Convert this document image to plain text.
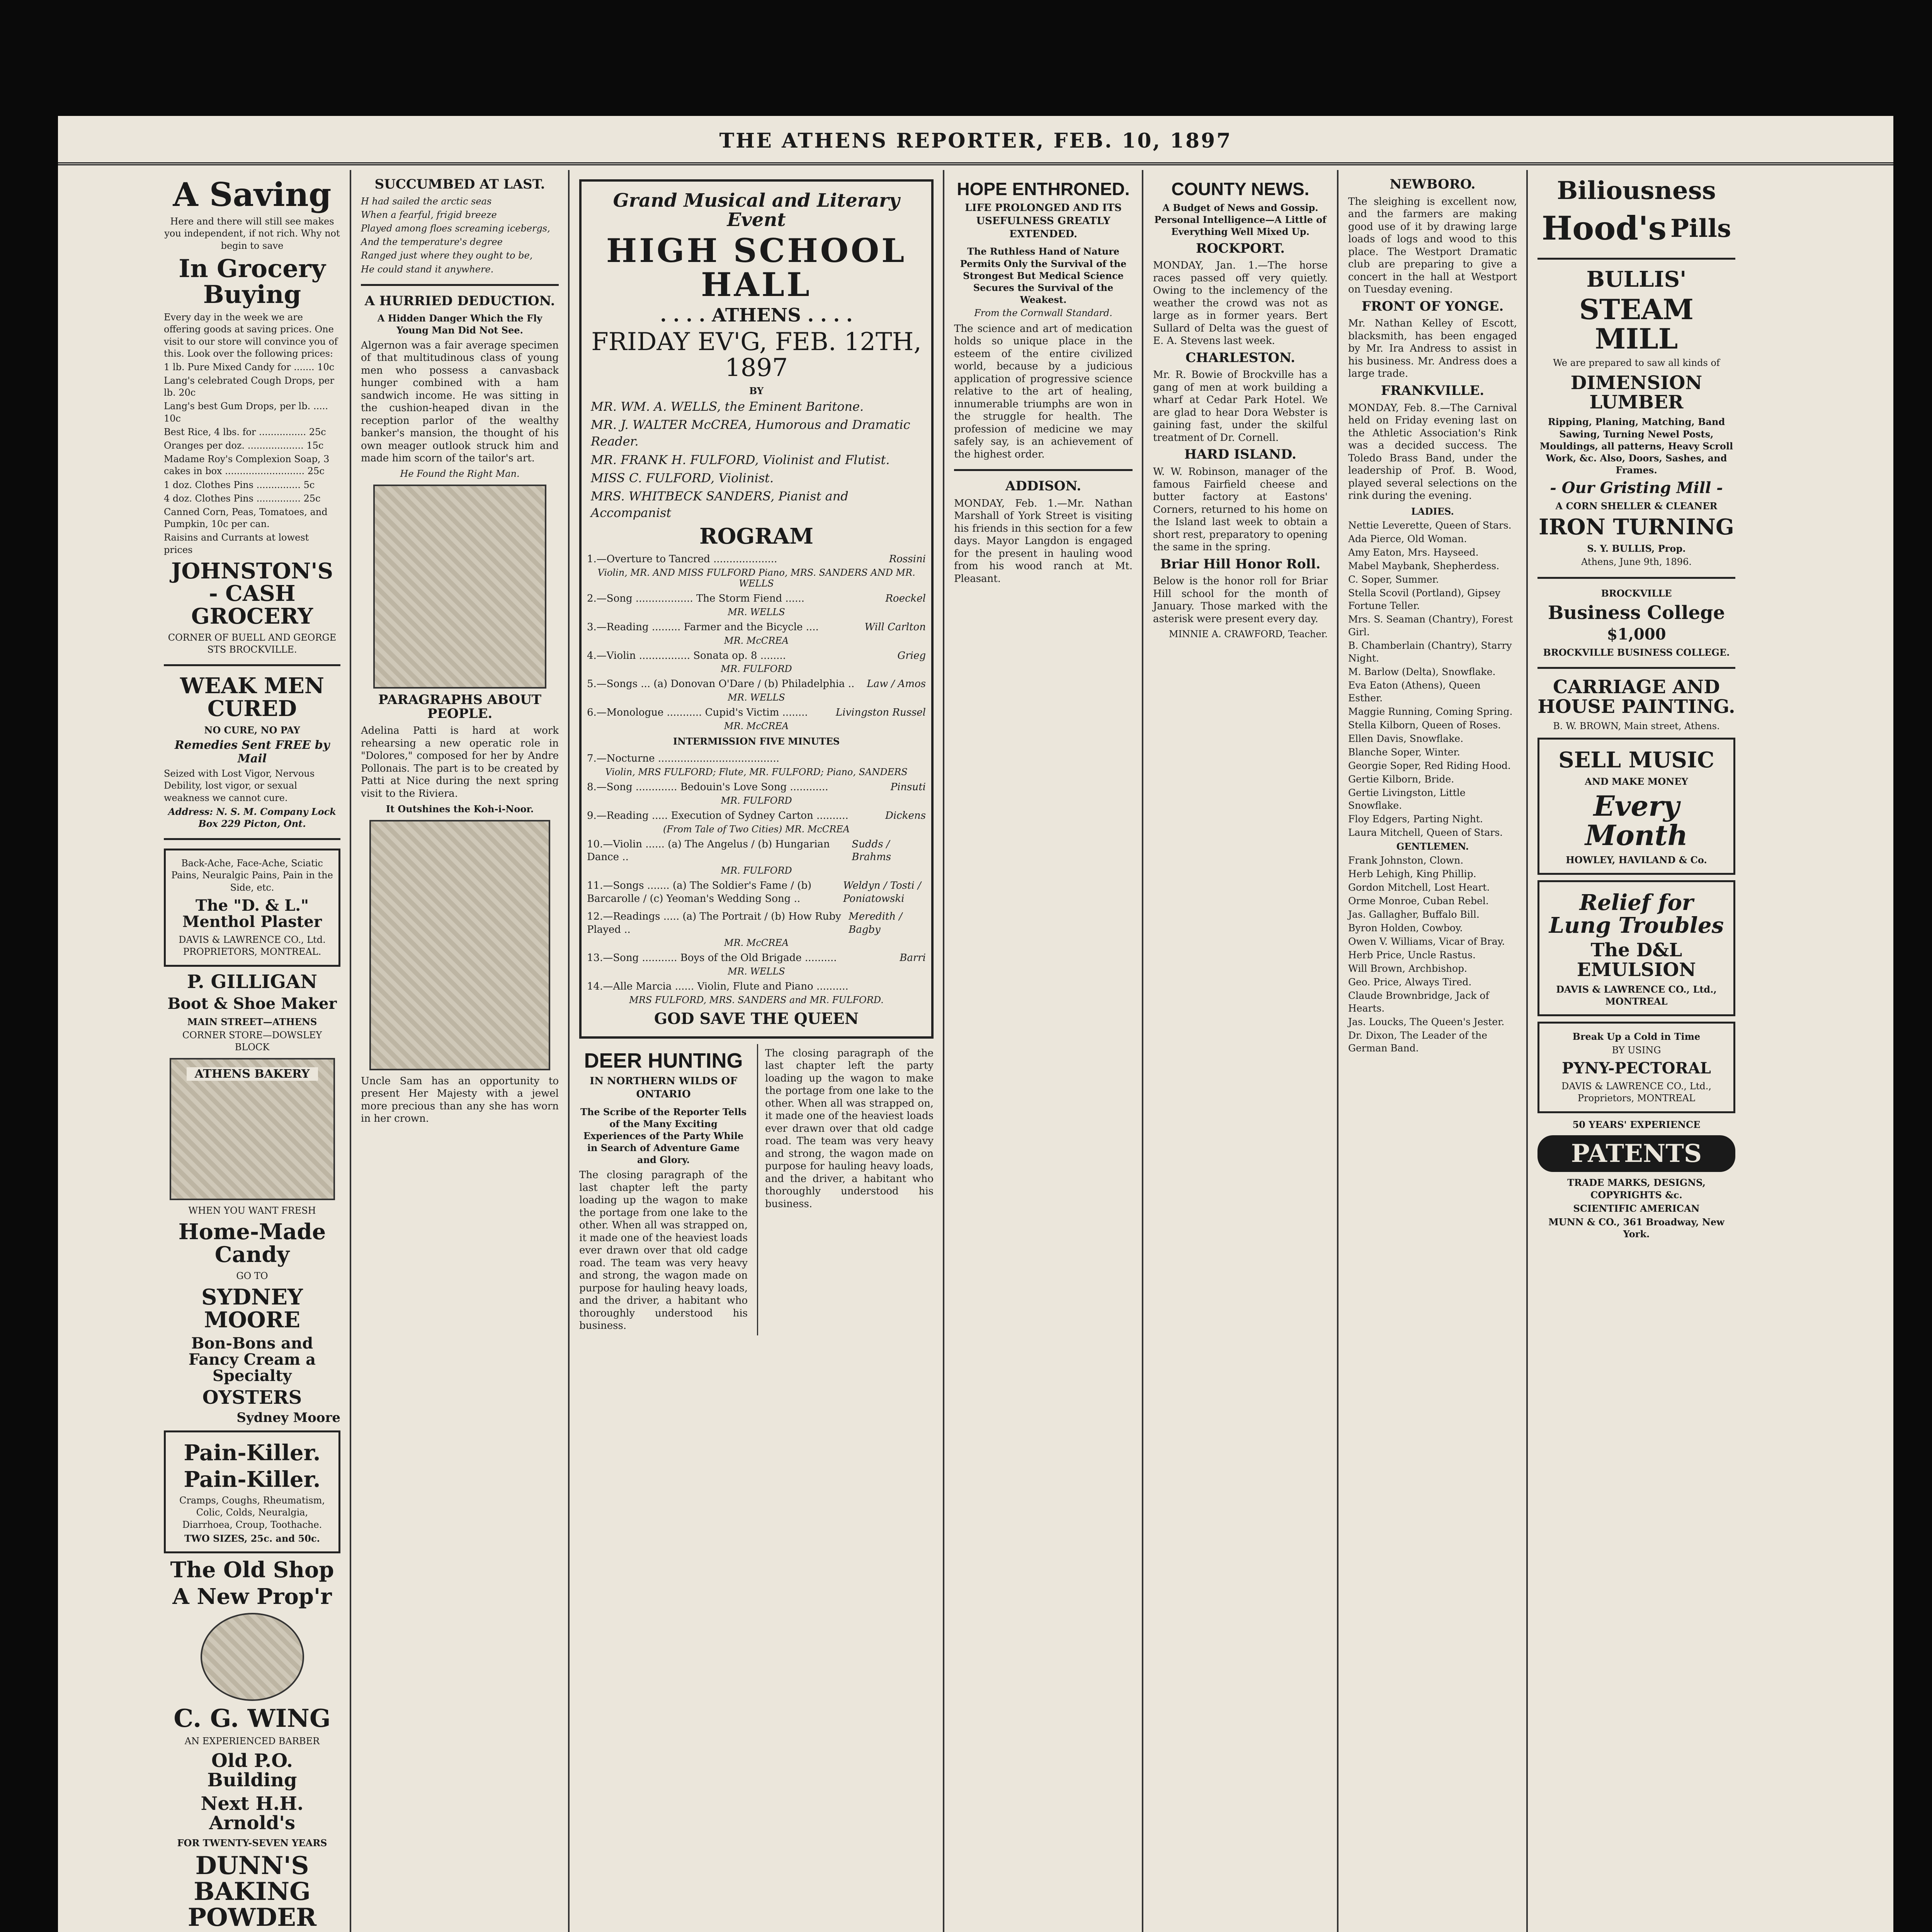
THE ATHENS REPORTER, FEB. 10, 1897
A Saving
Here and there will still see makes you independent, if not rich. Why not begin to save
In Grocery Buying
Every day in the week we are offering goods at saving prices. One visit to our store will convince you of this. Look over the following prices:
1 lb. Pure Mixed Candy for ....... 10c
Lang's celebrated Cough Drops, per lb. 20c
Lang's best Gum Drops, per lb. ..... 10c
Best Rice, 4 lbs. for ................ 25c
Oranges per doz. ................... 15c
Madame Roy's Complexion Soap, 3 cakes in box ........................... 25c
1 doz. Clothes Pins ............... 5c
4 doz. Clothes Pins ............... 25c
Canned Corn, Peas, Tomatoes, and Pumpkin, 10c per can.
Raisins and Currants at lowest prices
JOHNSTON'S - CASH GROCERY
CORNER OF BUELL AND GEORGE STS BROCKVILLE.
WEAK MEN CURED
NO CURE, NO PAY
Remedies Sent FREE by Mail
Seized with Lost Vigor, Nervous Debility, lost vigor, or sexual weakness we cannot cure.
Address: N. S. M. Company Lock Box 229 Picton, Ont.
Back-Ache, Face-Ache, Sciatic Pains, Neuralgic Pains, Pain in the Side, etc.
The "D. & L." Menthol Plaster
DAVIS & LAWRENCE CO., Ltd. PROPRIETORS, MONTREAL.
P. GILLIGAN
Boot & Shoe Maker
MAIN STREET—ATHENS
CORNER STORE—DOWSLEY BLOCK
ATHENS BAKERY
WHEN YOU WANT FRESH
Home-Made Candy
GO TO
SYDNEY MOORE
Bon-Bons and Fancy Cream a Specialty
OYSTERS
Sydney Moore
Pain-Killer.
Pain-Killer.
Cramps, Coughs, Rheumatism, Colic, Colds, Neuralgia, Diarrhoea, Croup, Toothache.
TWO SIZES, 25c. and 50c.
The Old Shop
A New Prop'r
C. G. WING
AN EXPERIENCED BARBER
Old P.O. Building
Next H.H. Arnold's
FOR TWENTY-SEVEN YEARS
DUNN'S BAKING POWDER
SUCCUMBED AT LAST.
H had sailed the arctic seas
When a fearful, frigid breeze
Played among floes screaming icebergs,
And the temperature's degree
Ranged just where they ought to be,
He could stand it anywhere.
A HURRIED DEDUCTION.
A Hidden Danger Which the Fly Young Man Did Not See.
Algernon was a fair average specimen of that multitudinous class of young men who possess a canvasback hunger combined with a ham sandwich income. He was sitting in the cushion-heaped divan in the reception parlor of the wealthy banker's mansion, the thought of his own meager outlook struck him and made him scorn of the tailor's art.
He Found the Right Man.
PARAGRAPHS ABOUT PEOPLE.
Adelina Patti is hard at work rehearsing a new operatic role in "Dolores," composed for her by Andre Pollonais. The part is to be created by Patti at Nice during the next spring visit to the Riviera.
It Outshines the Koh-i-Noor.
Uncle Sam has an opportunity to present Her Majesty with a jewel more precious than any she has worn in her crown.
Grand Musical and Literary Event
HIGH SCHOOL HALL
. . . . ATHENS . . . .
FRIDAY EV'G, FEB. 12TH, 1897
BY
MR. WM. A. WELLS, the Eminent Baritone.
MR. J. WALTER McCREA, Humorous and Dramatic Reader.
MR. FRANK H. FULFORD, Violinist and Flutist.
MISS C. FULFORD, Violinist.
MRS. WHITBECK SANDERS, Pianist and Accompanist
ROGRAM
1.—Overture to Tancred ....................	Rossini
Violin, MR. AND MISS FULFORD Piano, MRS. SANDERS AND MR. WELLS
2.—Song .................. The Storm Fiend ......	Roeckel
MR. WELLS
3.—Reading ......... Farmer and the Bicycle ....	Will Carlton
MR. McCREA
4.—Violin ................ Sonata op. 8 ........	Grieg
MR. FULFORD
5.—Songs ... (a) Donovan O'Dare / (b) Philadelphia .. Law / Amos
MR. WELLS
6.—Monologue ........... Cupid's Victim ........	Livingston Russel
MR. McCREA
INTERMISSION FIVE MINUTES
7.—Nocturne ......................................
Violin, MRS FULFORD; Flute, MR. FULFORD; Piano, SANDERS
8.—Song ............. Bedouin's Love Song ............	Pinsuti
MR. FULFORD
9.—Reading ..... Execution of Sydney Carton ..........	Dickens
(From Tale of Two Cities) MR. McCREA
10.—Violin ...... (a) The Angelus / (b) Hungarian Dance ..
Sudds / Brahms
MR. FULFORD
11.—Songs ....... (a) The Soldier's Fame / (b) Barcarolle / (c) Yeoman's Wedding Song ..
Weldyn / Tosti / Poniatowski
12.—Readings ..... (a) The Portrait / (b) How Ruby Played ..
Meredith / Bagby
MR. McCREA
13.—Song ........... Boys of the Old Brigade ..........	Barri
MR. WELLS
14.—Alle Marcia ...... Violin, Flute and Piano ..........
MRS FULFORD, MRS. SANDERS and MR. FULFORD.
GOD SAVE THE QUEEN
DEER HUNTING
IN NORTHERN WILDS OF ONTARIO
The Scribe of the Reporter Tells of the Many Exciting Experiences of the Party While in Search of Adventure Game and Glory.
The closing paragraph of the last chapter left the party loading up the wagon to make the portage from one lake to the other. When all was strapped on, it made one of the heaviest loads ever drawn over that old cadge road. The team was very heavy and strong, the wagon made on purpose for hauling heavy loads, and the driver, a habitant who thoroughly understood his business.
The closing paragraph of the last chapter left the party loading up the wagon to make the portage from one lake to the other. When all was strapped on, it made one of the heaviest loads ever drawn over that old cadge road. The team was very heavy and strong, the wagon made on purpose for hauling heavy loads, and the driver, a habitant who thoroughly understood his business.
HOPE ENTHRONED.
LIFE PROLONGED AND ITS USEFULNESS GREATLY EXTENDED.
The Ruthless Hand of Nature Permits Only the Survival of the Strongest But Medical Science Secures the Survival of the Weakest.
From the Cornwall Standard.
The science and art of medication holds so unique place in the esteem of the entire civilized world, because by a judicious application of progressive science relative to the art of healing, innumerable triumphs are won in the struggle for health. The profession of medicine we may safely say, is an achievement of the highest order.
ADDISON.
MONDAY, Feb. 1.—Mr. Nathan Marshall of York Street is visiting his friends in this section for a few days. Mayor Langdon is engaged for the present in hauling wood from his wood ranch at Mt. Pleasant.
COUNTY NEWS.
A Budget of News and Gossip. Personal Intelligence—A Little of Everything Well Mixed Up.
ROCKPORT.
MONDAY, Jan. 1.—The horse races passed off very quietly. Owing to the inclemency of the weather the crowd was not as large as in former years. Bert Sullard of Delta was the guest of E. A. Stevens last week.
CHARLESTON.
Mr. R. Bowie of Brockville has a gang of men at work building a wharf at Cedar Park Hotel. We are glad to hear Dora Webster is gaining fast, under the skilful treatment of Dr. Cornell.
HARD ISLAND.
W. W. Robinson, manager of the famous Fairfield cheese and butter factory at Eastons' Corners, returned to his home on the Island last week to obtain a short rest, preparatory to opening the same in the spring.
Briar Hill Honor Roll.
Below is the honor roll for Briar Hill school for the month of January. Those marked with the asterisk were present every day.
MINNIE A. CRAWFORD, Teacher.
NEWBORO.
The sleighing is excellent now, and the farmers are making good use of it by drawing large loads of logs and wood to this place. The Westport Dramatic club are preparing to give a concert in the hall at Westport on Tuesday evening.
FRONT OF YONGE.
Mr. Nathan Kelley of Escott, blacksmith, has been engaged by Mr. Ira Andress to assist in his business. Mr. Andress does a large trade.
FRANKVILLE.
MONDAY, Feb. 8.—The Carnival held on Friday evening last on the Athletic Association's Rink was a decided success. The Toledo Brass Band, under the leadership of Prof. B. Wood, played several selections on the rink during the evening.
LADIES.
Nettie Leverette, Queen of Stars.
Ada Pierce, Old Woman.
Amy Eaton, Mrs. Hayseed.
Mabel Maybank, Shepherdess.
C. Soper, Summer.
Stella Scovil (Portland), Gipsey Fortune Teller.
Mrs. S. Seaman (Chantry), Forest Girl.
B. Chamberlain (Chantry), Starry Night.
M. Barlow (Delta), Snowflake.
Eva Eaton (Athens), Queen Esther.
Maggie Running, Coming Spring.
Stella Kilborn, Queen of Roses.
Ellen Davis, Snowflake.
Blanche Soper, Winter.
Georgie Soper, Red Riding Hood.
Gertie Kilborn, Bride.
Gertie Livingston, Little Snowflake.
Floy Edgers, Parting Night.
Laura Mitchell, Queen of Stars.
GENTLEMEN.
Frank Johnston, Clown.
Herb Lehigh, King Phillip.
Gordon Mitchell, Lost Heart.
Orme Monroe, Cuban Rebel.
Jas. Gallagher, Buffalo Bill.
Byron Holden, Cowboy.
Owen V. Williams, Vicar of Bray.
Herb Price, Uncle Rastus.
Will Brown, Archbishop.
Geo. Price, Always Tired.
Claude Brownbridge, Jack of Hearts.
Jas. Loucks, The Queen's Jester.
Dr. Dixon, The Leader of the German Band.
Biliousness
Hood's Pills
BULLIS'
STEAM MILL
We are prepared to saw all kinds of
DIMENSION LUMBER
Ripping, Planing, Matching, Band Sawing, Turning Newel Posts, Mouldings, all patterns, Heavy Scroll Work, &c. Also, Doors, Sashes, and Frames.
- Our Gristing Mill -
A CORN SHELLER & CLEANER
IRON TURNING
S. Y. BULLIS, Prop.
Athens, June 9th, 1896.
BROCKVILLE
Business College
$1,000
BROCKVILLE BUSINESS COLLEGE.
CARRIAGE AND HOUSE PAINTING.
B. W. BROWN, Main street, Athens.
SELL MUSIC
AND MAKE MONEY
Every Month
HOWLEY, HAVILAND & Co.
Relief for Lung Troubles
The D&L EMULSION
DAVIS & LAWRENCE CO., Ltd., MONTREAL
Break Up a Cold in Time
BY USING
PYNY-PECTORAL
DAVIS & LAWRENCE CO., Ltd., Proprietors, MONTREAL
50 YEARS' EXPERIENCE
PATENTS
TRADE MARKS, DESIGNS, COPYRIGHTS &c.
SCIENTIFIC AMERICAN
MUNN & CO., 361 Broadway, New York.
